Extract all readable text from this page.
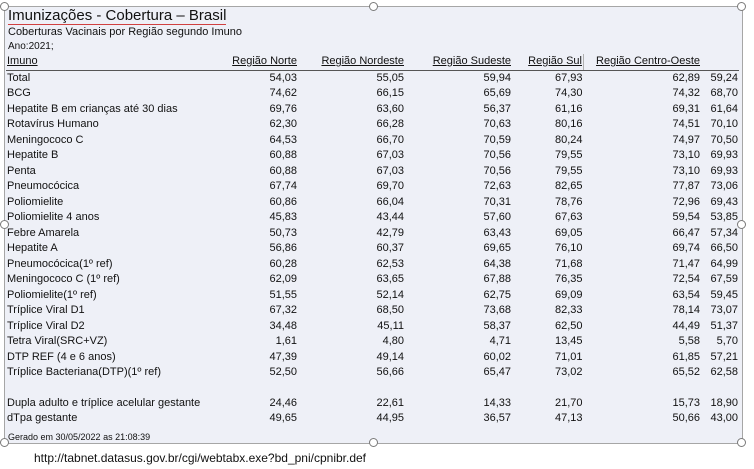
Imunizações - Cobertura – Brasil
Coberturas Vacinais por Região segundo Imuno
Ano:2021;
Imuno	Região Norte	Região Nordeste	Região Sudeste	Região Sul	Região Centro-Oeste	
Total	54,03	55,05	59,94	67,93	62,89	59,24
BCG	74,62	66,15	65,69	74,30	74,32	68,70
Hepatite B em crianças até 30 dias	69,76	63,60	56,37	61,16	69,31	61,64
Rotavírus Humano	62,30	66,28	70,63	80,16	74,51	70,10
Meningococo C	64,53	66,70	70,59	80,24	74,97	70,50
Hepatite B	60,88	67,03	70,56	79,55	73,10	69,93
Penta	60,88	67,03	70,56	79,55	73,10	69,93
Pneumocócica	67,74	69,70	72,63	82,65	77,87	73,06
Poliomielite	60,86	66,04	70,31	78,76	72,96	69,43
Poliomielite 4 anos	45,83	43,44	57,60	67,63	59,54	53,85
Febre Amarela	50,73	42,79	63,43	69,05	66,47	57,34
Hepatite A	56,86	60,37	69,65	76,10	69,74	66,50
Pneumocócica(1º ref)	60,28	62,53	64,38	71,68	71,47	64,99
Meningococo C (1º ref)	62,09	63,65	67,88	76,35	72,54	67,59
Poliomielite(1º ref)	51,55	52,14	62,75	69,09	63,54	59,45
Tríplice Viral D1	67,32	68,50	73,68	82,33	78,14	73,07
Tríplice Viral D2	34,48	45,11	58,37	62,50	44,49	51,37
Tetra Viral(SRC+VZ)	1,61	4,80	4,71	13,45	5,58	5,70
DTP REF (4 e 6 anos)	47,39	49,14	60,02	71,01	61,85	57,21
Tríplice Bacteriana(DTP)(1º ref)	52,50	56,66	65,47	73,02	65,52	62,58
Dupla adulto e tríplice acelular gestante	24,46	22,61	14,33	21,70	15,73	18,90
dTpa gestante	49,65	44,95	36,57	47,13	50,66	43,00
Gerado em 30/05/2022 as 21:08:39
http://tabnet.datasus.gov.br/cgi/webtabx.exe?bd_pni/cpnibr.def
